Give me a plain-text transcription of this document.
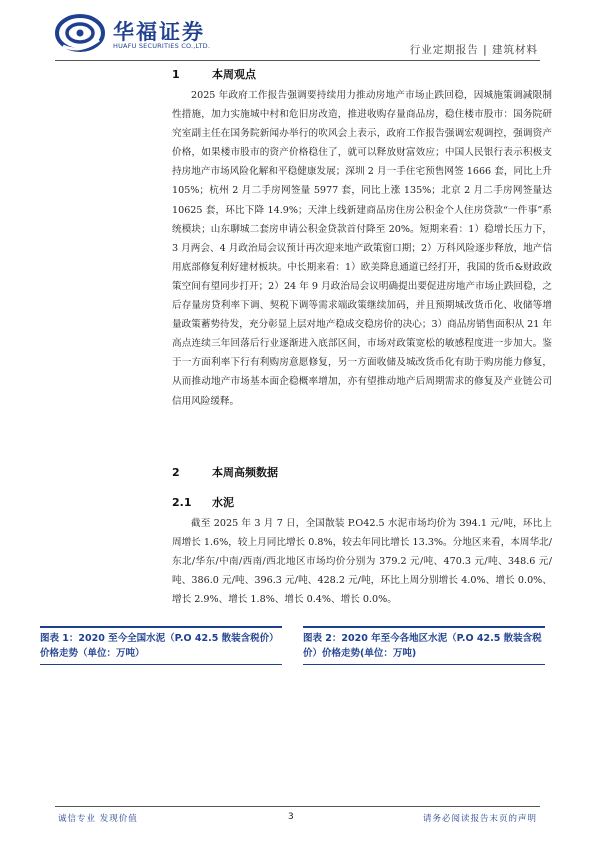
华福证券
HUAFU SECURITIES CO.,LTD.	行业定期报告 | 建筑材料
1	本周观点

2025 年政府工作报告强调要持续用力推动房地产市场止跌回稳，因城施策调减限制性措施，加力实施城中村和危旧房改造，推进收购存量商品房，稳住楼市股市：国务院研究室副主任在国务院新闻办举行的吹风会上表示，政府工作报告强调宏观调控，强调资产价格，如果楼市股市的资产价格稳住了，就可以释放财富效应；中国人民银行表示积极支持房地产市场风险化解和平稳健康发展；深圳 2 月一手住宅预售网签 1666 套，同比上升 105%；杭州 2 月二手房网签量 5977 套，同比上涨 135%；北京 2 月二手房网签量达 10625 套，环比下降 14.9%；天津上线新建商品房住房公积金个人住房贷款“一件事”系统模块；山东聊城二套房申请公积金贷款首付降至 20%。短期来看：1）稳增长压力下，3 月两会、4 月政治局会议预计再次迎来地产政策窗口期；2）万科风险逐步释放，地产信用底部修复利好建材板块。中长期来看：1）欧美降息通道已经打开，我国的货币&财政政策空间有望同步打开；2）24 年 9 月政治局会议明确提出要促进房地产市场止跌回稳，之后存量房贷利率下调、契税下调等需求端政策继续加码，并且预期城改货币化、收储等增量政策蓄势待发，充分彰显上层对地产稳成交稳房价的决心；3）商品房销售面积从 21 年高点连续三年回落后行业逐渐进入底部区间，市场对政策宽松的敏感程度进一步加大。鉴于一方面利率下行有利购房意愿修复，另一方面收储及城改货币化有助于购房能力修复，从而推动地产市场基本面企稳概率增加，亦有望推动地产后周期需求的修复及产业链公司信用风险缓释。

2	本周高频数据
2.1 水泥

截至 2025 年 3 月 7 日，全国散装 P.O42.5 水泥市场均价为 394.1 元/吨，环比上周增长 1.6%，较上月同比增长 0.8%，较去年同比增长 13.3%。分地区来看，本周华北/东北/华东/中南/西南/西北地区市场均价分别为 379.2 元/吨、470.3 元/吨、348.6 元/吨、386.0 元/吨、396.3 元/吨、428.2 元/吨，环比上周分别增长 4.0%、增长 0.0%、增长 2.9%、增长 1.8%、增长 0.4%、增长 0.0%。

图表 1：2020 至今全国水泥（P.O 42.5 散装含税价）价格走势（单位：万吨）
图表 2：2020 年至今各地区水泥（P.O 42.5 散装含税价）价格走势(单位：万吨)
诚信专业 发现价值	3	请务必阅读报告末页的声明
